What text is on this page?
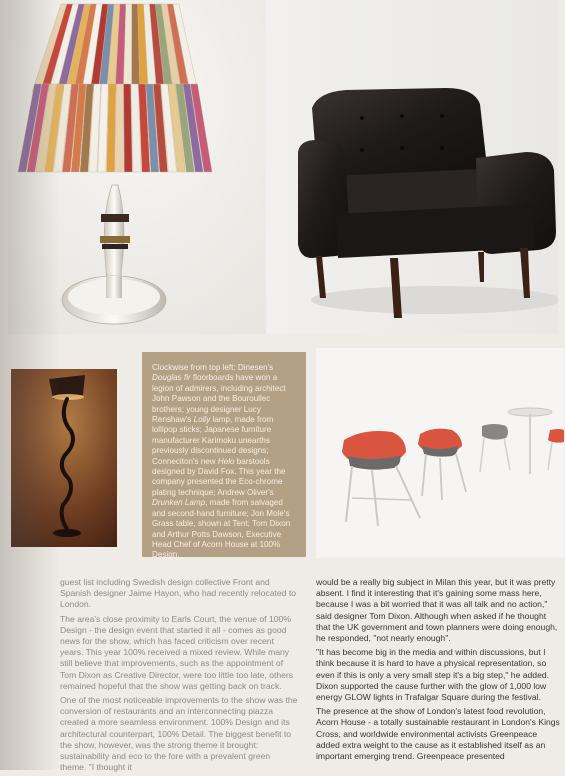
Clockwise from top left: Dinesen's Douglas fir floorboards have won a legion of admirers, including architect John Pawson and the Bouroullec brothers; young designer Lucy Renshaw's Lolly lamp, made from lollipop sticks; Japanese furniture manufacturer Karimoku unearths previously discontinued designs; Conneciton's new Helo barstools designed by David Fox. This year the company presented the Eco-chrome plating technique; Andrew Oliver's Drunken Lamp, made from salvaged and second-hand furniture; Jon Mole's Grass table, shown at Tent; Tom Dixon and Arthur Potts Dawson, Executive Head Chef of Acorn House at 100% Design.

guest list including Swedish design collective Front and Spanish designer Jaime Hayon, who had recently relocated to London.

The area's close proximity to Earls Court, the venue of 100% Design - the design event that started it all - comes as good news for the show, which has faced criticism over recent years. This year 100% received a mixed review. While many still believe that improvements, such as the appointment of Tom Dixon as Creative Director, were too little too late, others remained hopeful that the show was getting back on track.

One of the most noticeable improvements to the show was the conversion of restaurants and an interconnecting piazza created a more seamless environment. 100% Design and its architectural counterpart, 100% Detail. The biggest benefit to the show, however, was the strong theme it brought: sustainability and eco to the fore with a prevalent green theme. "I thought it

would be a really big subject in Milan this year, but it was pretty absent. I find it interesting that it's gaining some mass here, because I was a bit worried that it was all talk and no action," said designer Tom Dixon. Although when asked if he thought that the UK government and town planners were doing enough, he responded, "not nearly enough".

"It has become big in the media and within discussions, but I think because it is hard to have a physical representation, so even if this is only a very small step it's a big step," he added. Dixon supported the cause further with the glow of 1,000 low energy GLOW lights in Trafalgar Square during the festival.

The presence at the show of London's latest food revolution, Acorn House - a totally sustainable restaurant in London's Kings Cross, and worldwide environmental activists Greenpeace added extra weight to the cause as it established itself as an important emerging trend. Greenpeace presented
